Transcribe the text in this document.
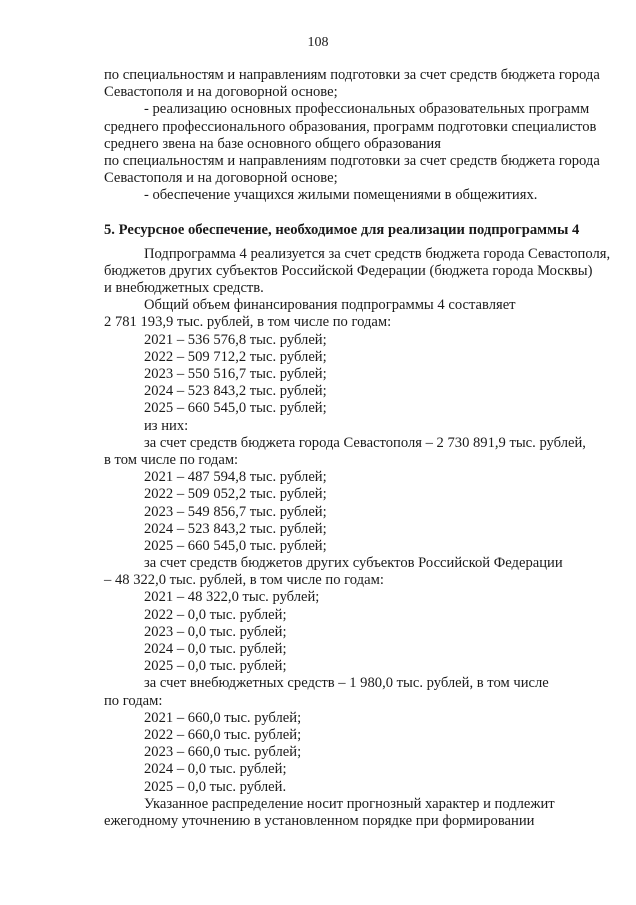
108
по специальностям и направлениям подготовки за счет средств бюджета города
Севастополя и на договорной основе;
- реализацию основных профессиональных образовательных программ
среднего профессионального образования, программ подготовки специалистов
среднего звена на базе основного общего образования
по специальностям и направлениям подготовки за счет средств бюджета города
Севастополя и на договорной основе;
- обеспечение учащихся жилыми помещениями в общежитиях.
5. Ресурсное обеспечение, необходимое для реализации подпрограммы 4
Подпрограмма 4 реализуется за счет средств бюджета города Севастополя,
бюджетов других субъектов Российской Федерации (бюджета города Москвы)
и внебюджетных средств.
Общий объем финансирования подпрограммы 4 составляет
2 781 193,9 тыс. рублей, в том числе по годам:
2021 – 536 576,8 тыс. рублей;
2022 – 509 712,2 тыс. рублей;
2023 – 550 516,7 тыс. рублей;
2024 – 523 843,2 тыс. рублей;
2025 – 660 545,0 тыс. рублей;
из них:
за счет средств бюджета города Севастополя – 2 730 891,9 тыс. рублей,
в том числе по годам:
2021 – 487 594,8 тыс. рублей;
2022 – 509 052,2 тыс. рублей;
2023 – 549 856,7 тыс. рублей;
2024 – 523 843,2 тыс. рублей;
2025 – 660 545,0 тыс. рублей;
за счет средств бюджетов других субъектов Российской Федерации
– 48 322,0 тыс. рублей, в том числе по годам:
2021 – 48 322,0 тыс. рублей;
2022 – 0,0 тыс. рублей;
2023 – 0,0 тыс. рублей;
2024 – 0,0 тыс. рублей;
2025 – 0,0 тыс. рублей;
за счет внебюджетных средств – 1 980,0 тыс. рублей, в том числе
по годам:
2021 – 660,0 тыс. рублей;
2022 – 660,0 тыс. рублей;
2023 – 660,0 тыс. рублей;
2024 – 0,0 тыс. рублей;
2025 – 0,0 тыс. рублей.
Указанное распределение носит прогнозный характер и подлежит
ежегодному уточнению в установленном порядке при формировании
